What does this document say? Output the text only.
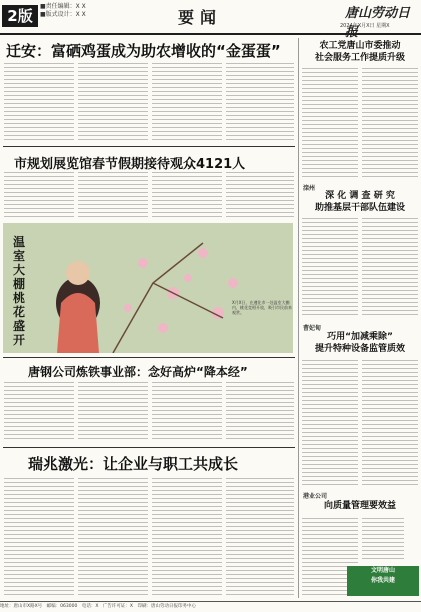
2版
■责任编辑：X X
■版式设计：X X	要闻	唐山劳动日报
2024年X月X日 星期X
迁安：富硒鸡蛋成为助农增收的“金蛋蛋”
市规划展览馆春节假期接待观众4121人
温室大棚桃花盛开
X月X日，在遵化市一处温室大棚内，桃花竞相开放，吸引市民前来观赏。
唐钢公司炼铁事业部：念好高炉“降本经”
瑞兆激光：让企业与职工共成长
农工党唐山市委推动
社会服务工作提质升级
滦州
深 化 调 查 研 究
助推基层干部队伍建设
曹妃甸
巧用“加减乘除”
提升特种设备监管质效
港业公司
向质量管理要效益
文明唐山
你我共建
地址：唐山市X路X号　邮编：063000　电话：X　广告许可证：X　印刷：唐山劳动日报印务中心
